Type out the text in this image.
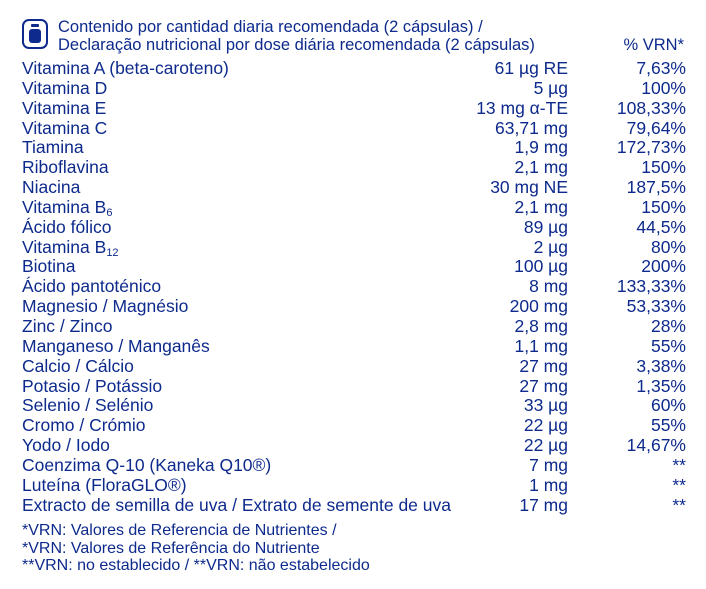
Contenido por cantidad diaria recomendada (2 cápsulas) /
Declaração nutricional por dose diária recomendada (2 cápsulas)	% VRN*
Vitamina A (beta-caroteno)	61 µg RE	7,63%
Vitamina D	5 µg	100%
Vitamina E	13 mg α-TE	108,33%
Vitamina C	63,71 mg	79,64%
Tiamina	1,9 mg	172,73%
Riboflavina	2,1 mg	150%
Niacina	30 mg NE	187,5%
Vitamina $B_6$	2,1 mg	150%
Ácido fólico	89 µg	44,5%
Vitamina $B_{12}$	2 µg	80%
Biotina	100 µg	200%
Ácido pantoténico	8 mg	133,33%
Magnesio / Magnésio	200 mg	53,33%
Zinc / Zinco	2,8 mg	28%
Manganeso / Manganês	1,1 mg	55%
Calcio / Cálcio	27 mg	3,38%
Potasio / Potássio	27 mg	1,35%
Selenio / Selénio	33 µg	60%
Cromo / Crómio	22 µg	55%
Yodo / Iodo	22 µg	14,67%
Coenzima Q-10 (Kaneka Q10®)	7 mg	**
Luteína (FloraGLO®)	1 mg	**
Extracto de semilla de uva / Extrato de semente de uva	17 mg	**
*VRN: Valores de Referencia de Nutrientes /
*VRN: Valores de Referência do Nutriente
**VRN: no establecido / **VRN: não estabelecido
